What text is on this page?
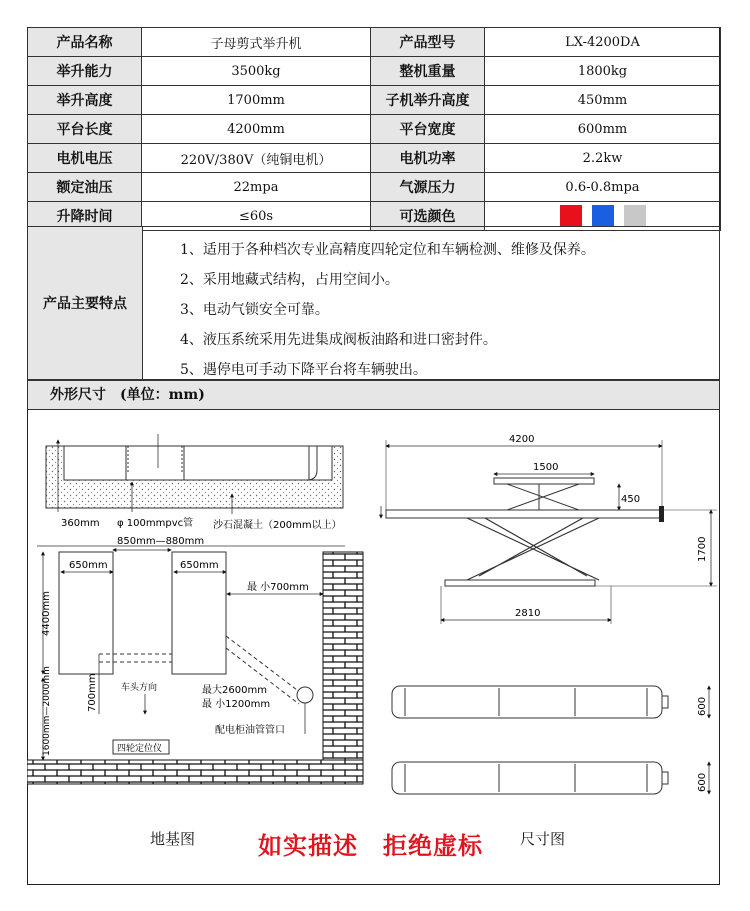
产品名称	子母剪式举升机	产品型号	LX-4200DA
举升能力	3500kg	整机重量	1800kg
举升高度	1700mm	子机举升高度	450mm
平台长度	4200mm	平台宽度	600mm
电机电压	220V/380V（纯铜电机）	电机功率	2.2kw
额定油压	22mpa	气源压力	0.6-0.8mpa
升降时间	≤60s	可选颜色	
产品主要特点
1、适用于各种档次专业高精度四轮定位和车辆检测、维修及保养。
2、采用地藏式结构，占用空间小。
3、电动气锁安全可靠。
4、液压系统采用先进集成阀板油路和进口密封件。
5、遇停电可手动下降平台将车辆驶出。
外形尺寸　(单位：mm)
360mm φ 100mmpvc管 沙石混凝土（200mm以上）
850mm—880mm
650mm	650mm
最 小700mm
4400mm
车头方向
700mm	最大2600mm
最 小1200mm
配电柜油管管口
1600mm—2000mm	四轮定位仪
4200
1500
450
1700
2810
600
600
地基图	如实描述　拒绝虚标 尺寸图
